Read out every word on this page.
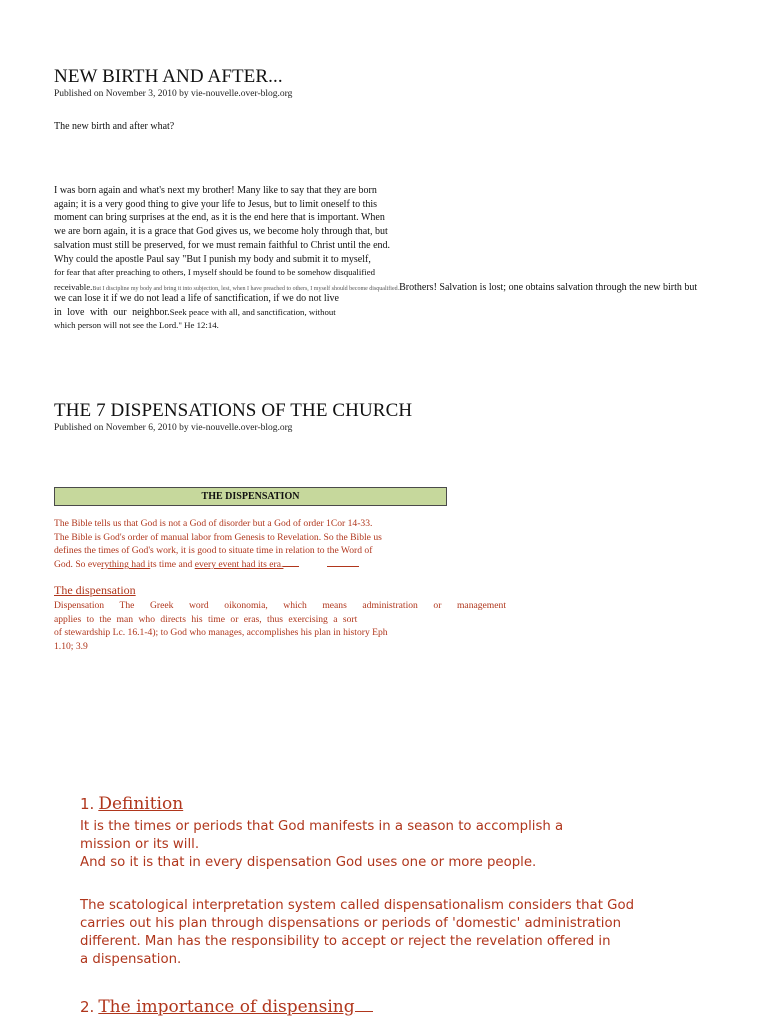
NEW BIRTH AND AFTER...
Published on November 3, 2010 by vie-nouvelle.over-blog.org
The new birth and after what?
I was born again and what's next my brother! Many like to say that they are born
again; it is a very good thing to give your life to Jesus, but to limit oneself to this
moment can bring surprises at the end, as it is the end here that is important. When
we are born again, it is a grace that God gives us, we become holy through that, but
salvation must still be preserved, for we must remain faithful to Christ until the end.
Why could the apostle Paul say "But I punish my body and submit it to myself,
for fear that after preaching to others, I myself should be found to be somehow disqualified
receivable.But I discipline my body and bring it into subjection, lest, when I have preached to others, I myself should become disqualified.Brothers! Salvation is lost; one obtains salvation through the new birth but
we can lose it if we do not lead a life of sanctification, if we do not live
in love with our neighbor.Seek peace with all, and sanctification, without
which person will not see the Lord." He 12:14.
THE 7 DISPENSATIONS OF THE CHURCH
Published on November 6, 2010 by vie-nouvelle.over-blog.org
THE DISPENSATION
The Bible tells us that God is not a God of disorder but a God of order 1Cor 14-33.
The Bible is God's order of manual labor from Genesis to Revelation. So the Bible us
defines the times of God's work, it is good to situate time in relation to the Word of
God. So everything had its time and every event had its era.
The dispensation
Dispensation The Greek word oikonomia, which means administration or management
applies to the man who directs his time or eras, thus exercising a sort
of stewardship Lc. 16.1-4); to God who manages, accomplishes his plan in history Eph
1.10; 3.9
1. Definition
It is the times or periods that God manifests in a season to accomplish a
mission or its will.
And so it is that in every dispensation God uses one or more people.
The scatological interpretation system called dispensationalism considers that God
carries out his plan through dispensations or periods of 'domestic' administration
different. Man has the responsibility to accept or reject the revelation offered in
a dispensation.
2. The importance of dispensing
